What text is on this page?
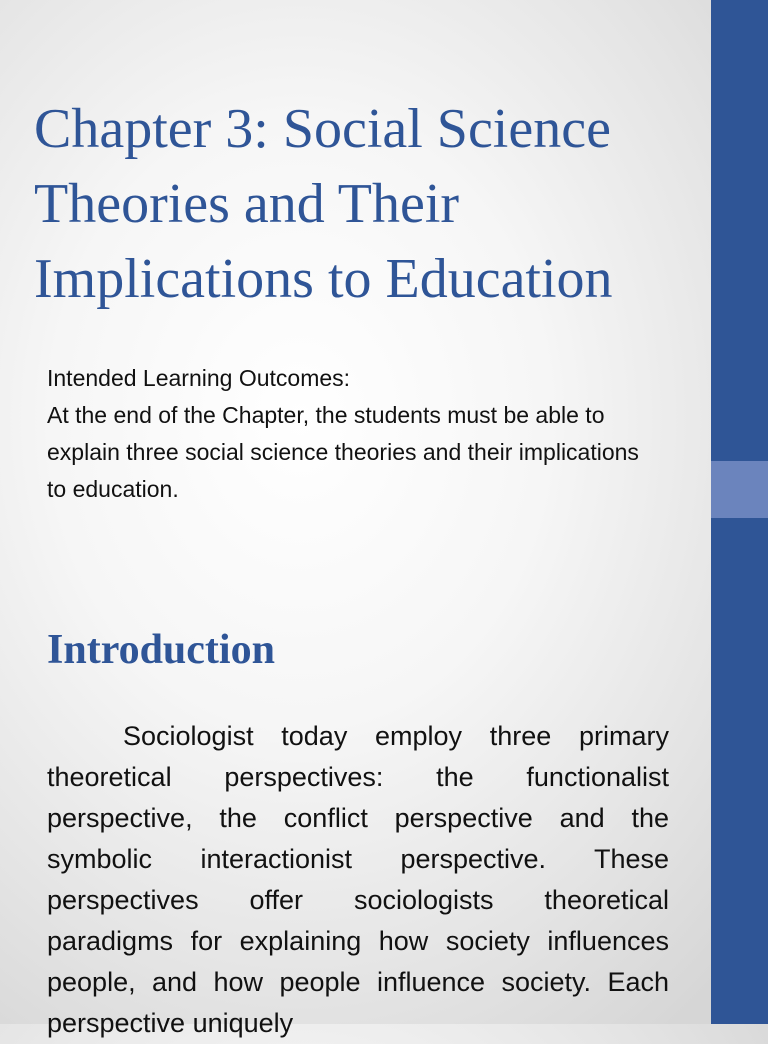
Chapter 3: Social Science Theories and Their Implications to Education

Intended Learning Outcomes:

At the end of the Chapter, the students must be able to explain three social science theories and their implications to education.

Introduction

Sociologist today employ three primary theoretical perspectives: the functionalist perspective, the conflict perspective and the symbolic interactionist perspective. These perspectives offer sociologists theoretical paradigms for explaining how society influences people, and how people influence society. Each perspective uniquely
